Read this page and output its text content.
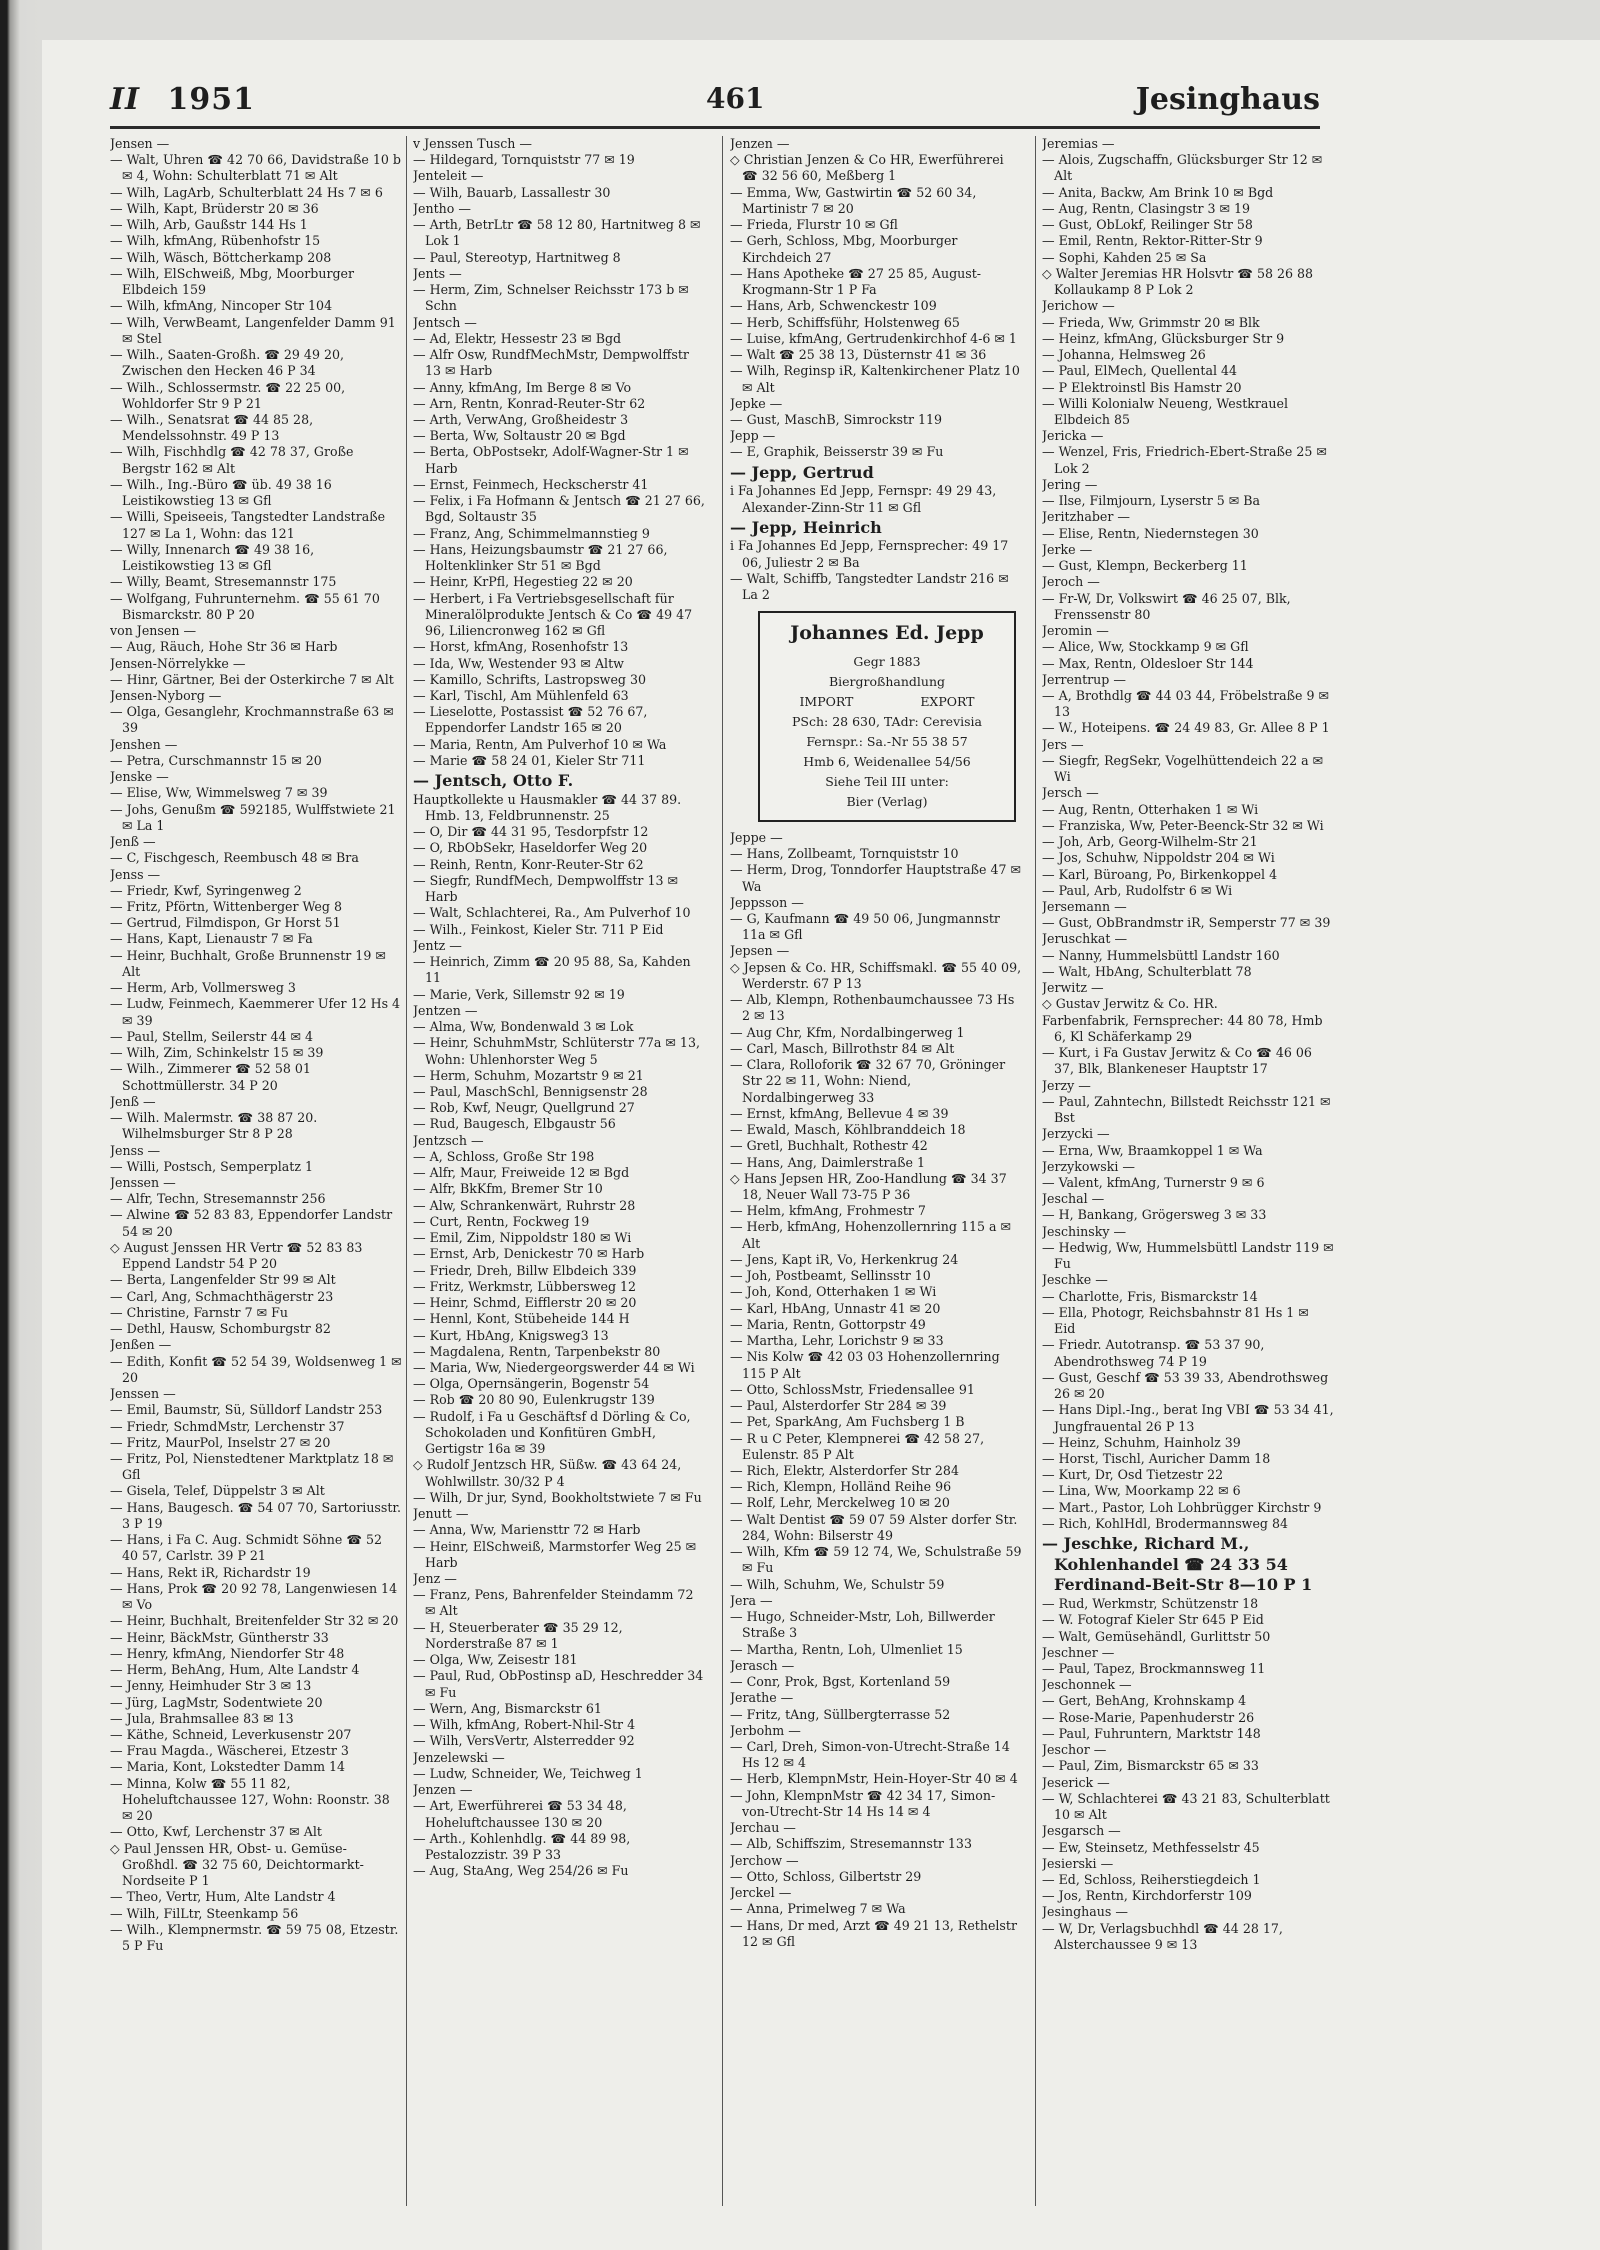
II 1951	461	Jesinghaus

Jensen —

— Walt, Uhren ☎ 42 70 66, Davidstraße 10 b ✉ 4, Wohn: Schulterblatt 71 ✉ Alt

— Wilh, LagArb, Schulterblatt 24 Hs 7 ✉ 6

— Wilh, Kapt, Brüderstr 20 ✉ 36

— Wilh, Arb, Gaußstr 144 Hs 1

— Wilh, kfmAng, Rübenhofstr 15

— Wilh, Wäsch, Böttcherkamp 208

— Wilh, ElSchweiß, Mbg, Moorburger Elbdeich 159

— Wilh, kfmAng, Nincoper Str 104

— Wilh, VerwBeamt, Langenfelder Damm 91 ✉ Stel

— Wilh., Saaten-Großh. ☎ 29 49 20, Zwischen den Hecken 46 P 34

— Wilh., Schlossermstr. ☎ 22 25 00, Wohldorfer Str 9 P 21

— Wilh., Senatsrat ☎ 44 85 28, Mendelssohnstr. 49 P 13

— Wilh, Fischhdlg ☎ 42 78 37, Große Bergstr 162 ✉ Alt

— Wilh., Ing.-Büro ☎ üb. 49 38 16 Leistikowstieg 13 ✉ Gfl

— Willi, Speiseeis, Tangstedter Landstraße 127 ✉ La 1, Wohn: das 121

— Willy, Innenarch ☎ 49 38 16, Leistikowstieg 13 ✉ Gfl

— Willy, Beamt, Stresemannstr 175

— Wolfgang, Fuhrunternehm. ☎ 55 61 70 Bismarckstr. 80 P 20

von Jensen —

— Aug, Räuch, Hohe Str 36 ✉ Harb

Jensen-Nörrelykke —

— Hinr, Gärtner, Bei der Osterkirche 7 ✉ Alt

Jensen-Nyborg —

— Olga, Gesanglehr, Krochmannstraße 63 ✉ 39

Jenshen —

— Petra, Curschmannstr 15 ✉ 20

Jenske —

— Elise, Ww, Wimmelsweg 7 ✉ 39

— Johs, Genußm ☎ 592185, Wulffstwiete 21 ✉ La 1

Jenß —

— C, Fischgesch, Reembusch 48 ✉ Bra

Jenss —

— Friedr, Kwf, Syringenweg 2

— Fritz, Pförtn, Wittenberger Weg 8

— Gertrud, Filmdispon, Gr Horst 51

— Hans, Kapt, Lienaustr 7 ✉ Fa

— Heinr, Buchhalt, Große Brunnenstr 19 ✉ Alt

— Herm, Arb, Vollmersweg 3

— Ludw, Feinmech, Kaemmerer Ufer 12 Hs 4 ✉ 39

— Paul, Stellm, Seilerstr 44 ✉ 4

— Wilh, Zim, Schinkelstr 15 ✉ 39

— Wilh., Zimmerer ☎ 52 58 01 Schottmüllerstr. 34 P 20

Jenß —

— Wilh. Malermstr. ☎ 38 87 20. Wilhelmsburger Str 8 P 28

Jenss —

— Willi, Postsch, Semperplatz 1

Jenssen —

— Alfr, Techn, Stresemannstr 256

— Alwine ☎ 52 83 83, Eppendorfer Landstr 54 ✉ 20

◇ August Jenssen HR Vertr ☎ 52 83 83 Eppend Landstr 54 P 20

— Berta, Langenfelder Str 99 ✉ Alt

— Carl, Ang, Schmachthägerstr 23

— Christine, Farnstr 7 ✉ Fu

— Dethl, Hausw, Schomburgstr 82

Jenßen —

— Edith, Konfit ☎ 52 54 39, Woldsenweg 1 ✉ 20

Jenssen —

— Emil, Baumstr, Sü, Sülldorf Landstr 253

— Friedr, SchmdMstr, Lerchenstr 37

— Fritz, MaurPol, Inselstr 27 ✉ 20

— Fritz, Pol, Nienstedtener Marktplatz 18 ✉ Gfl

— Gisela, Telef, Düppelstr 3 ✉ Alt

— Hans, Baugesch. ☎ 54 07 70, Sartoriusstr. 3 P 19

— Hans, i Fa C. Aug. Schmidt Söhne ☎ 52 40 57, Carlstr. 39 P 21

— Hans, Rekt iR, Richardstr 19

— Hans, Prok ☎ 20 92 78, Langenwiesen 14 ✉ Vo

— Heinr, Buchhalt, Breitenfelder Str 32 ✉ 20

— Heinr, BäckMstr, Güntherstr 33

— Henry, kfmAng, Niendorfer Str 48

— Herm, BehAng, Hum, Alte Landstr 4

— Jenny, Heimhuder Str 3 ✉ 13

— Jürg, LagMstr, Sodentwiete 20

— Jula, Brahmsallee 83 ✉ 13

— Käthe, Schneid, Leverkusenstr 207

— Frau Magda., Wäscherei, Etzestr 3

— Maria, Kont, Lokstedter Damm 14

— Minna, Kolw ☎ 55 11 82, Hoheluftchaussee 127, Wohn: Roonstr. 38 ✉ 20

— Otto, Kwf, Lerchenstr 37 ✉ Alt

◇ Paul Jenssen HR, Obst- u. Gemüse-Großhdl. ☎ 32 75 60, Deichtormarkt-Nordseite P 1

— Theo, Vertr, Hum, Alte Landstr 4

— Wilh, FilLtr, Steenkamp 56

— Wilh., Klempnermstr. ☎ 59 75 08, Etzestr. 5 P Fu

v Jenssen Tusch —

— Hildegard, Tornquiststr 77 ✉ 19

Jenteleit —

— Wilh, Bauarb, Lassallestr 30

Jentho —

— Arth, BetrLtr ☎ 58 12 80, Hartnitweg 8 ✉ Lok 1

— Paul, Stereotyp, Hartnitweg 8

Jents —

— Herm, Zim, Schnelser Reichsstr 173 b ✉ Schn

Jentsch —

— Ad, Elektr, Hessestr 23 ✉ Bgd

— Alfr Osw, RundfMechMstr, Dempwolffstr 13 ✉ Harb

— Anny, kfmAng, Im Berge 8 ✉ Vo

— Arn, Rentn, Konrad-Reuter-Str 62

— Arth, VerwAng, Großheidestr 3

— Berta, Ww, Soltaustr 20 ✉ Bgd

— Berta, ObPostsekr, Adolf-Wagner-Str 1 ✉ Harb

— Ernst, Feinmech, Heckscherstr 41

— Felix, i Fa Hofmann & Jentsch ☎ 21 27 66, Bgd, Soltaustr 35

— Franz, Ang, Schimmelmannstieg 9

— Hans, Heizungsbaumstr ☎ 21 27 66, Holtenklinker Str 51 ✉ Bgd

— Heinr, KrPfl, Hegestieg 22 ✉ 20

— Herbert, i Fa Vertriebsgesellschaft für Mineralölprodukte Jentsch & Co ☎ 49 47 96, Liliencronweg 162 ✉ Gfl

— Horst, kfmAng, Rosenhofstr 13

— Ida, Ww, Westender 93 ✉ Altw

— Kamillo, Schrifts, Lastropsweg 30

— Karl, Tischl, Am Mühlenfeld 63

— Lieselotte, Postassist ☎ 52 76 67, Eppendorfer Landstr 165 ✉ 20

— Maria, Rentn, Am Pulverhof 10 ✉ Wa

— Marie ☎ 58 24 01, Kieler Str 711

— Jentsch, Otto F.

Hauptkollekte u Hausmakler ☎ 44 37 89. Hmb. 13, Feldbrunnenstr. 25

— O, Dir ☎ 44 31 95, Tesdorpfstr 12

— O, RbObSekr, Haseldorfer Weg 20

— Reinh, Rentn, Konr-Reuter-Str 62

— Siegfr, RundfMech, Dempwolffstr 13 ✉ Harb

— Walt, Schlachterei, Ra., Am Pulverhof 10

— Wilh., Feinkost, Kieler Str. 711 P Eid

Jentz —

— Heinrich, Zimm ☎ 20 95 88, Sa, Kahden 11

— Marie, Verk, Sillemstr 92 ✉ 19

Jentzen —

— Alma, Ww, Bondenwald 3 ✉ Lok

— Heinr, SchuhmMstr, Schlüterstr 77a ✉ 13, Wohn: Uhlenhorster Weg 5

— Herm, Schuhm, Mozartstr 9 ✉ 21

— Paul, MaschSchl, Bennigsenstr 28

— Rob, Kwf, Neugr, Quellgrund 27

— Rud, Baugesch, Elbgaustr 56

Jentzsch —

— A, Schloss, Große Str 198

— Alfr, Maur, Freiweide 12 ✉ Bgd

— Alfr, BkKfm, Bremer Str 10

— Alw, Schrankenwärt, Ruhrstr 28

— Curt, Rentn, Fockweg 19

— Emil, Zim, Nippoldstr 180 ✉ Wi

— Ernst, Arb, Denickestr 70 ✉ Harb

— Friedr, Dreh, Billw Elbdeich 339

— Fritz, Werkmstr, Lübbersweg 12

— Heinr, Schmd, Eifflerstr 20 ✉ 20

— Hennl, Kont, Stübeheide 144 H

— Kurt, HbAng, Knigsweg3 13

— Magdalena, Rentn, Tarpenbekstr 80

— Maria, Ww, Niedergeorgswerder 44 ✉ Wi

— Olga, Opernsängerin, Bogenstr 54

— Rob ☎ 20 80 90, Eulenkrugstr 139

— Rudolf, i Fa u Geschäftsf d Dörling & Co, Schokoladen und Konfitüren GmbH, Gertigstr 16a ✉ 39

◇ Rudolf Jentzsch HR, Süßw. ☎ 43 64 24, Wohlwillstr. 30/32 P 4

— Wilh, Dr jur, Synd, Bookholtstwiete 7 ✉ Fu

Jenutt —

— Anna, Ww, Mariensttr 72 ✉ Harb

— Heinr, ElSchweiß, Marmstorfer Weg 25 ✉ Harb

Jenz —

— Franz, Pens, Bahrenfelder Steindamm 72 ✉ Alt

— H, Steuerberater ☎ 35 29 12, Norderstraße 87 ✉ 1

— Olga, Ww, Zeisestr 181

— Paul, Rud, ObPostinsp aD, Heschredder 34 ✉ Fu

— Wern, Ang, Bismarckstr 61

— Wilh, kfmAng, Robert-Nhil-Str 4

— Wilh, VersVertr, Alsterredder 92

Jenzelewski —

— Ludw, Schneider, We, Teichweg 1

Jenzen —

— Art, Ewerführerei ☎ 53 34 48, Hoheluftchaussee 130 ✉ 20

— Arth., Kohlenhdlg. ☎ 44 89 98, Pestalozzistr. 39 P 33

— Aug, StaAng, Weg 254/26 ✉ Fu

Jenzen —

◇ Christian Jenzen & Co HR, Ewerführerei ☎ 32 56 60, Meßberg 1

— Emma, Ww, Gastwirtin ☎ 52 60 34, Martinistr 7 ✉ 20

— Frieda, Flurstr 10 ✉ Gfl

— Gerh, Schloss, Mbg, Moorburger Kirchdeich 27

— Hans Apotheke ☎ 27 25 85, August-Krogmann-Str 1 P Fa

— Hans, Arb, Schwenckestr 109

— Herb, Schiffsführ, Holstenweg 65

— Luise, kfmAng, Gertrudenkirchhof 4-6 ✉ 1

— Walt ☎ 25 38 13, Düsternstr 41 ✉ 36

— Wilh, Reginsp iR, Kaltenkirchener Platz 10 ✉ Alt

Jepke —

— Gust, MaschB, Simrockstr 119

Jepp —

— E, Graphik, Beisserstr 39 ✉ Fu

— Jepp, Gertrud

i Fa Johannes Ed Jepp, Fernspr: 49 29 43, Alexander-Zinn-Str 11 ✉ Gfl

— Jepp, Heinrich

i Fa Johannes Ed Jepp, Fernsprecher: 49 17 06, Juliestr 2 ✉ Ba

— Walt, Schiffb, Tangstedter Landstr 216 ✉ La 2

Johannes Ed. Jepp
Gegr 1883
Biergroßhandlung
IMPORT	EXPORT
PSch: 28 630, TAdr: Cerevisia
Fernspr.: Sa.-Nr 55 38 57
Hmb 6, Weidenallee 54/56
Siehe Teil III unter:
Bier (Verlag)

Jeppe —

— Hans, Zollbeamt, Tornquiststr 10

— Herm, Drog, Tonndorfer Hauptstraße 47 ✉ Wa

Jeppsson —

— G, Kaufmann ☎ 49 50 06, Jungmannstr 11a ✉ Gfl

Jepsen —

◇ Jepsen & Co. HR, Schiffsmakl. ☎ 55 40 09, Werderstr. 67 P 13

— Alb, Klempn, Rothenbaumchaussee 73 Hs 2 ✉ 13

— Aug Chr, Kfm, Nordalbingerweg 1

— Carl, Masch, Billrothstr 84 ✉ Alt

— Clara, Rolloforik ☎ 32 67 70, Gröninger Str 22 ✉ 11, Wohn: Niend, Nordalbingerweg 33

— Ernst, kfmAng, Bellevue 4 ✉ 39

— Ewald, Masch, Köhlbranddeich 18

— Gretl, Buchhalt, Rothestr 42

— Hans, Ang, Daimlerstraße 1

◇ Hans Jepsen HR, Zoo-Handlung ☎ 34 37 18, Neuer Wall 73-75 P 36

— Helm, kfmAng, Frohmestr 7

— Herb, kfmAng, Hohenzollernring 115 a ✉ Alt

— Jens, Kapt iR, Vo, Herkenkrug 24

— Joh, Postbeamt, Sellinsstr 10

— Joh, Kond, Otterhaken 1 ✉ Wi

— Karl, HbAng, Unnastr 41 ✉ 20

— Maria, Rentn, Gottorpstr 49

— Martha, Lehr, Lorichstr 9 ✉ 33

— Nis Kolw ☎ 42 03 03 Hohenzollernring 115 P Alt

— Otto, SchlossMstr, Friedensallee 91

— Paul, Alsterdorfer Str 284 ✉ 39

— Pet, SparkAng, Am Fuchsberg 1 B

— R u C Peter, Klempnerei ☎ 42 58 27, Eulenstr. 85 P Alt

— Rich, Elektr, Alsterdorfer Str 284

— Rich, Klempn, Holländ Reihe 96

— Rolf, Lehr, Merckelweg 10 ✉ 20

— Walt Dentist ☎ 59 07 59 Alster dorfer Str. 284, Wohn: Bilserstr 49

— Wilh, Kfm ☎ 59 12 74, We, Schulstraße 59 ✉ Fu

— Wilh, Schuhm, We, Schulstr 59

Jera —

— Hugo, Schneider-Mstr, Loh, Billwerder Straße 3

— Martha, Rentn, Loh, Ulmenliet 15

Jerasch —

— Conr, Prok, Bgst, Kortenland 59

Jerathe —

— Fritz, tAng, Süllbergterrasse 52

Jerbohm —

— Carl, Dreh, Simon-von-Utrecht-Straße 14 Hs 12 ✉ 4

— Herb, KlempnMstr, Hein-Hoyer-Str 40 ✉ 4

— John, KlempnMstr ☎ 42 34 17, Simon-von-Utrecht-Str 14 Hs 14 ✉ 4

Jerchau —

— Alb, Schiffszim, Stresemannstr 133

Jerchow —

— Otto, Schloss, Gilbertstr 29

Jerckel —

— Anna, Primelweg 7 ✉ Wa

— Hans, Dr med, Arzt ☎ 49 21 13, Rethelstr 12 ✉ Gfl

Jeremias —

— Alois, Zugschaffn, Glücksburger Str 12 ✉ Alt

— Anita, Backw, Am Brink 10 ✉ Bgd

— Aug, Rentn, Clasingstr 3 ✉ 19

— Gust, ObLokf, Reilinger Str 58

— Emil, Rentn, Rektor-Ritter-Str 9

— Sophi, Kahden 25 ✉ Sa

◇ Walter Jeremias HR Holsvtr ☎ 58 26 88 Kollaukamp 8 P Lok 2

Jerichow —

— Frieda, Ww, Grimmstr 20 ✉ Blk

— Heinz, kfmAng, Glücksburger Str 9

— Johanna, Helmsweg 26

— Paul, ElMech, Quellental 44

— P Elektroinstl Bis Hamstr 20

— Willi Kolonialw Neueng, Westkrauel Elbdeich 85

Jericka —

— Wenzel, Fris, Friedrich-Ebert-Straße 25 ✉ Lok 2

Jering —

— Ilse, Filmjourn, Lyserstr 5 ✉ Ba

Jeritzhaber —

— Elise, Rentn, Niedernstegen 30

Jerke —

— Gust, Klempn, Beckerberg 11

Jeroch —

— Fr-W, Dr, Volkswirt ☎ 46 25 07, Blk, Frenssenstr 80

Jeromin —

— Alice, Ww, Stockkamp 9 ✉ Gfl

— Max, Rentn, Oldesloer Str 144

Jerrentrup —

— A, Brothdlg ☎ 44 03 44, Fröbelstraße 9 ✉ 13

— W., Hoteipens. ☎ 24 49 83, Gr. Allee 8 P 1

Jers —

— Siegfr, RegSekr, Vogelhüttendeich 22 a ✉ Wi

Jersch —

— Aug, Rentn, Otterhaken 1 ✉ Wi

— Franziska, Ww, Peter-Beenck-Str 32 ✉ Wi

— Joh, Arb, Georg-Wilhelm-Str 21

— Jos, Schuhw, Nippoldstr 204 ✉ Wi

— Karl, Büroang, Po, Birkenkoppel 4

— Paul, Arb, Rudolfstr 6 ✉ Wi

Jersemann —

— Gust, ObBrandmstr iR, Semperstr 77 ✉ 39

Jeruschkat —

— Nanny, Hummelsbüttl Landstr 160

— Walt, HbAng, Schulterblatt 78

Jerwitz —

◇ Gustav Jerwitz & Co. HR.

Farbenfabrik, Fernsprecher: 44 80 78, Hmb 6, Kl Schäferkamp 29

— Kurt, i Fa Gustav Jerwitz & Co ☎ 46 06 37, Blk, Blankeneser Hauptstr 17

Jerzy —

— Paul, Zahntechn, Billstedt Reichsstr 121 ✉ Bst

Jerzycki —

— Erna, Ww, Braamkoppel 1 ✉ Wa

Jerzykowski —

— Valent, kfmAng, Turnerstr 9 ✉ 6

Jeschal —

— H, Bankang, Grögersweg 3 ✉ 33

Jeschinsky —

— Hedwig, Ww, Hummelsbüttl Landstr 119 ✉ Fu

Jeschke —

— Charlotte, Fris, Bismarckstr 14

— Ella, Photogr, Reichsbahnstr 81 Hs 1 ✉ Eid

— Friedr. Autotransp. ☎ 53 37 90, Abendrothsweg 74 P 19

— Gust, Geschf ☎ 53 39 33, Abendrothsweg 26 ✉ 20

— Hans Dipl.-Ing., berat Ing VBI ☎ 53 34 41, Jungfrauental 26 P 13

— Heinz, Schuhm, Hainholz 39

— Horst, Tischl, Auricher Damm 18

— Kurt, Dr, Osd Tietzestr 22

— Lina, Ww, Moorkamp 22 ✉ 6

— Mart., Pastor, Loh Lohbrügger Kirchstr 9

— Rich, KohlHdl, Brodermannsweg 84

— Jeschke, Richard M., Kohlenhandel ☎ 24 33 54 Ferdinand-Beit-Str 8—10 P 1

— Rud, Werkmstr, Schützenstr 18

— W. Fotograf Kieler Str 645 P Eid

— Walt, Gemüsehändl, Gurlittstr 50

Jeschner —

— Paul, Tapez, Brockmannsweg 11

Jeschonnek —

— Gert, BehAng, Krohnskamp 4

— Rose-Marie, Papenhuderstr 26

— Paul, Fuhruntern, Marktstr 148

Jeschor —

— Paul, Zim, Bismarckstr 65 ✉ 33

Jeserick —

— W, Schlachterei ☎ 43 21 83, Schulterblatt 10 ✉ Alt

Jesgarsch —

— Ew, Steinsetz, Methfesselstr 45

Jesierski —

— Ed, Schloss, Reiherstiegdeich 1

— Jos, Rentn, Kirchdorferstr 109

Jesinghaus —

— W, Dr, Verlagsbuchhdl ☎ 44 28 17, Alsterchaussee 9 ✉ 13
